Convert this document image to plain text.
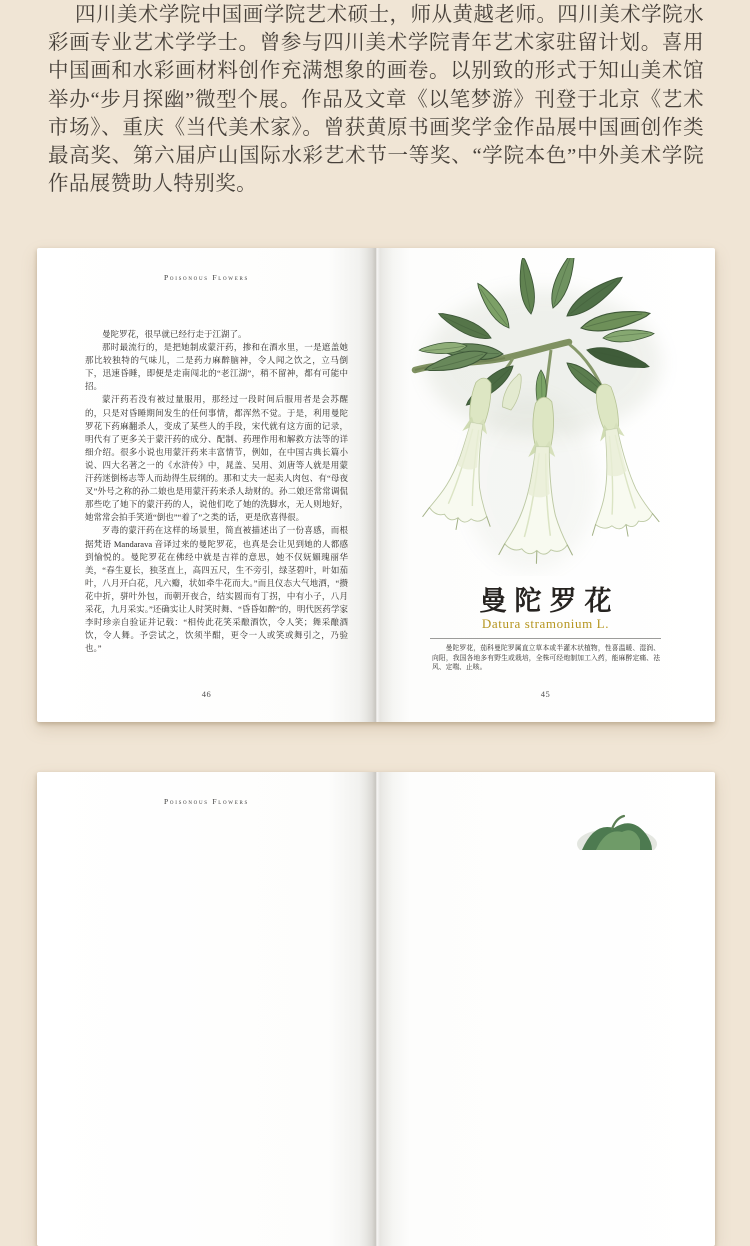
四川美术学院中国画学院艺术硕士，师从黄越老师。四川美术学院水彩画专业艺术学学士。曾参与四川美术学院青年艺术家驻留计划。喜用中国画和水彩画材料创作充满想象的画卷。以别致的形式于知山美术馆举办“步月探幽”微型个展。作品及文章《以笔梦游》刊登于北京《艺术市场》、重庆《当代美术家》。曾获黄原书画奖学金作品展中国画创作类最高奖、第六届庐山国际水彩艺术节一等奖、“学院本色”中外美术学院作品展赞助人特别奖。
Poisonous Flowers

曼陀罗花，很早就已经行走于江湖了。

那时最流行的，是把她制成蒙汗药，掺和在酒水里，一是遮盖她那比较独特的气味儿，二是药力麻醉脑神，令人闻之饮之，立马倒下，迅速昏睡，即便是走南闯北的“老江湖”，稍不留神，都有可能中招。

蒙汗药若没有被过量服用，那经过一段时间后服用者是会苏醒的，只是对昏睡期间发生的任何事情，都浑然不觉。于是，利用曼陀罗花下药麻翻杀人，变成了某些人的手段，宋代就有这方面的记录，明代有了更多关于蒙汗药的成分、配制、药理作用和解救方法等的详细介绍。很多小说也用蒙汗药来丰富情节，例如，在中国古典长篇小说、四大名著之一的《水浒传》中，晁盖、吴用、刘唐等人就是用蒙汗药迷倒杨志等人而劫得生辰纲的。那和丈夫一起卖人肉包、有“母夜叉”外号之称的孙二娘也是用蒙汗药来杀人劫财的。孙二娘还常常调侃那些吃了她下的蒙汗药的人，说他们吃了她的洗脚水，无人则地好，她常常会拍手笑道“倒也”“着了”之类的话，更是欣喜得很。

歹毒的蒙汗药在这样的场景里，简直被描述出了一份喜感，而根据梵语 Mandarava 音译过来的曼陀罗花，也真是会让见到她的人都感到愉悦的。曼陀罗花在佛经中就是吉祥的意思，她不仅妩媚瑰丽华美，“春生夏长，独茎直上，高四五尺，生不旁引，绿茎碧叶，叶如茄叶，八月开白花，凡六瓣，状如牵牛花而大。”而且仪态大气地洒，“攒花中折，骈叶外包，而朝开夜合，结实圆而有丁拐，中有小子，八月采花，九月采实。”还确实让人时笑时舞、“昏昏如醉”的，明代医药学家李时珍亲自验证并记载：“相传此花笑采酿酒饮，令人笑；舞采酿酒饮，令人舞。予尝试之，饮须半酣，更令一人或笑或舞引之，乃验也。”

46
曼陀罗花
Datura stramonium L.
曼陀罗花，茄科曼陀罗属直立草本或半灌木状植物，性喜温暖、湿润、向阳，我国各地多有野生或栽培，全株可经炮制加工入药，能麻醉定痛、祛风、定喘、止咳。
45
Poisonous Flowers
